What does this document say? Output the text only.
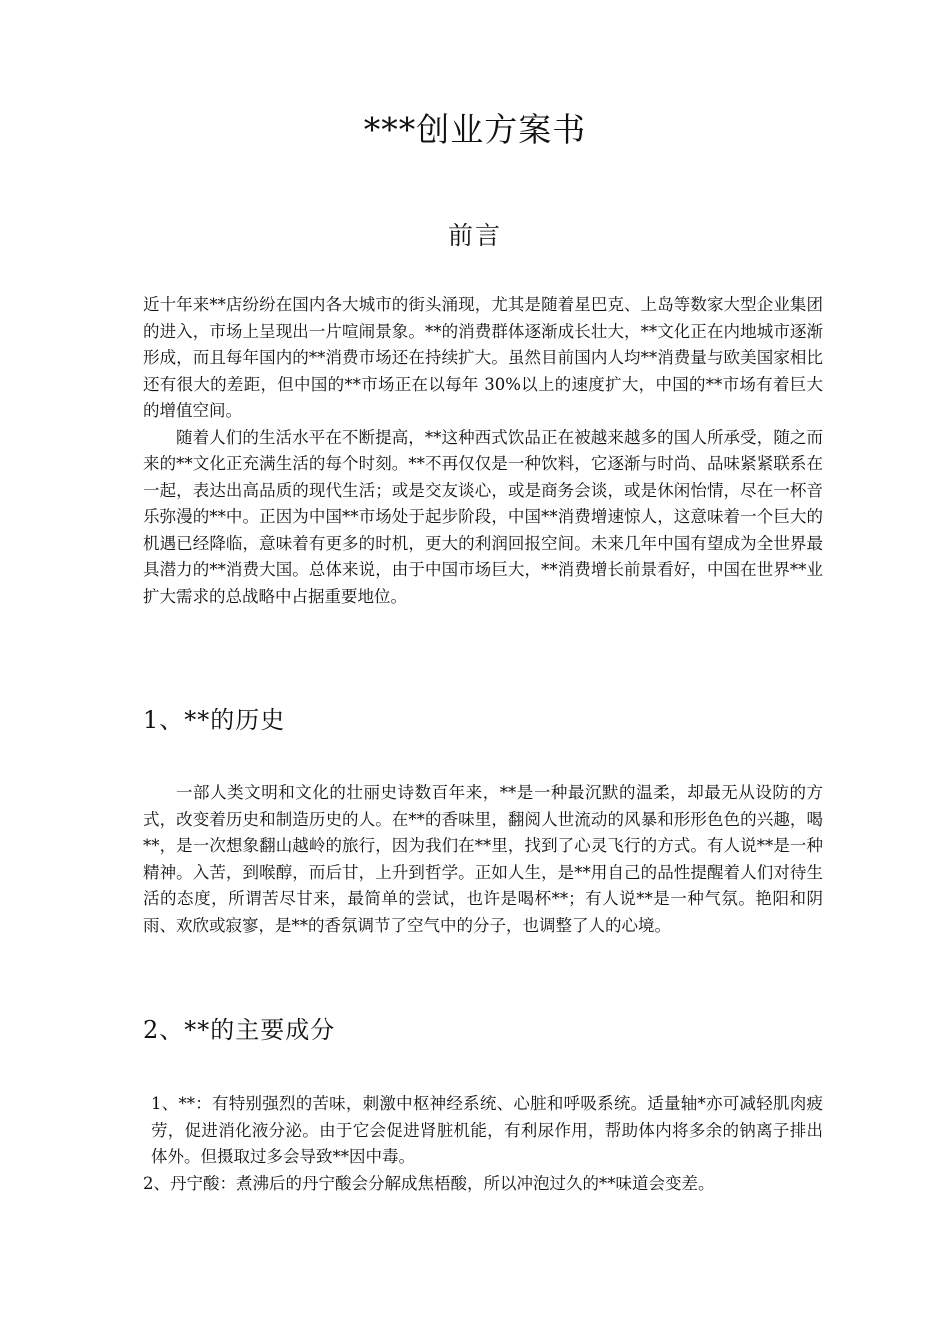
***创业方案书
前言

近十年来**店纷纷在国内各大城市的街头涌现，尤其是随着星巴克、上岛等数家大型企业集团的进入，市场上呈现出一片喧闹景象。**的消费群体逐渐成长壮大，**文化正在内地城市逐渐形成，而且每年国内的**消费市场还在持续扩大。虽然目前国内人均**消费量与欧美国家相比还有很大的差距，但中国的**市场正在以每年 30%以上的速度扩大，中国的**市场有着巨大的增值空间。

随着人们的生活水平在不断提高，**这种西式饮品正在被越来越多的国人所承受，随之而来的**文化正充满生活的每个时刻。**不再仅仅是一种饮料，它逐渐与时尚、品味紧紧联系在一起，表达出高品质的现代生活；或是交友谈心，或是商务会谈，或是休闲怡情，尽在一杯音乐弥漫的**中。正因为中国**市场处于起步阶段，中国**消费增速惊人，这意味着一个巨大的机遇已经降临，意味着有更多的时机，更大的利润回报空间。未来几年中国有望成为全世界最具潜力的**消费大国。总体来说，由于中国市场巨大，**消费增长前景看好，中国在世界**业扩大需求的总战略中占据重要地位。

1、**的历史

一部人类文明和文化的壮丽史诗数百年来，**是一种最沉默的温柔，却最无从设防的方式，改变着历史和制造历史的人。在**的香味里，翻阅人世流动的风暴和形形色色的兴趣，喝**，是一次想象翻山越岭的旅行，因为我们在**里，找到了心灵飞行的方式。有人说**是一种精神。入苦，到喉醇，而后甘，上升到哲学。正如人生，是**用自己的品性提醒着人们对待生活的态度，所谓苦尽甘来，最简单的尝试，也许是喝杯**；有人说**是一种气氛。艳阳和阴雨、欢欣或寂寥，是**的香氛调节了空气中的分子，也调整了人的心境。

2、**的主要成分

1、**：有特别强烈的苦味，刺激中枢神经系统、心脏和呼吸系统。适量轴*亦可减轻肌肉疲劳，促进消化液分泌。由于它会促进肾脏机能，有利尿作用，帮助体内将多余的钠离子排出体外。但摄取过多会导致**因中毒。

2、丹宁酸：煮沸后的丹宁酸会分解成焦梧酸，所以冲泡过久的**味道会变差。
